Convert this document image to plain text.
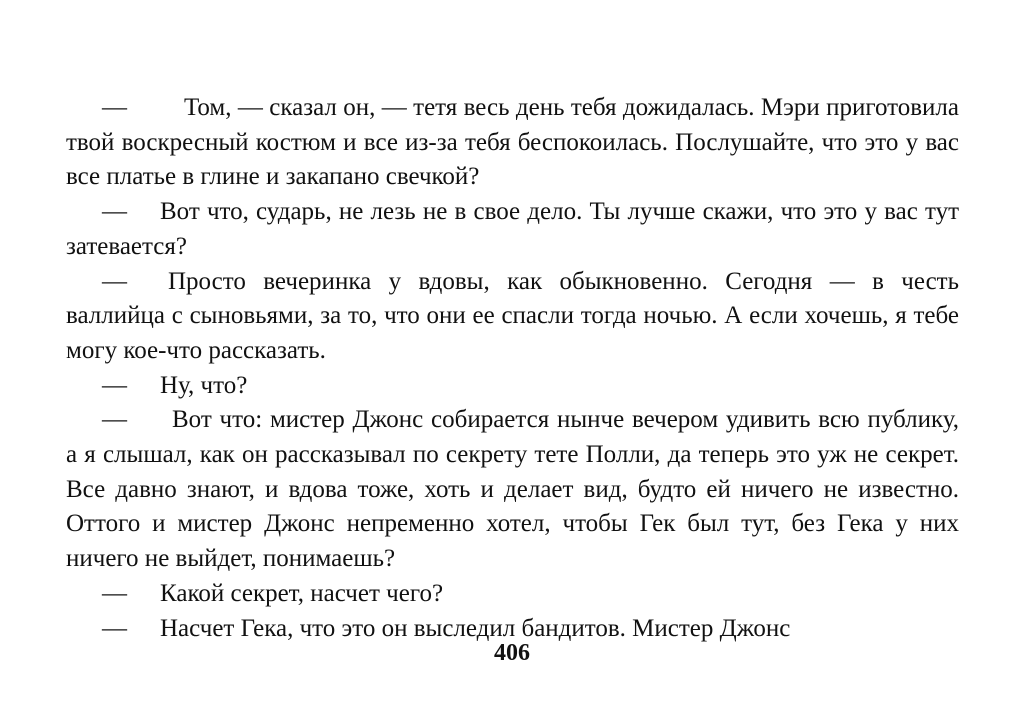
— Том, — сказал он, — тетя весь день тебя дожидалась. Мэри приготовила твой воскресный костюм и все из-за тебя беспокоилась. Послушайте, что это у вас все платье в глине и закапано свечкой?

— Вот что, сударь, не лезь не в свое дело. Ты лучше скажи, что это у вас тут затевается?

— Просто вечеринка у вдовы, как обыкновенно. Сегодня — в честь валлийца с сыновьями, за то, что они ее спасли тогда ночью. А если хочешь, я тебе могу кое-что рассказать.

— Ну, что?

— Вот что: мистер Джонс собирается нынче вечером удивить всю публику, а я слышал, как он рассказывал по секрету тете Полли, да теперь это уж не секрет. Все давно знают, и вдова тоже, хоть и делает вид, будто ей ничего не известно. Оттого и мистер Джонс непременно хотел, чтобы Гек был тут, без Гека у них ничего не выйдет, понимаешь?

— Какой секрет, насчет чего?

— Насчет Гека, что это он выследил бандитов. Мистер Джонс

406
